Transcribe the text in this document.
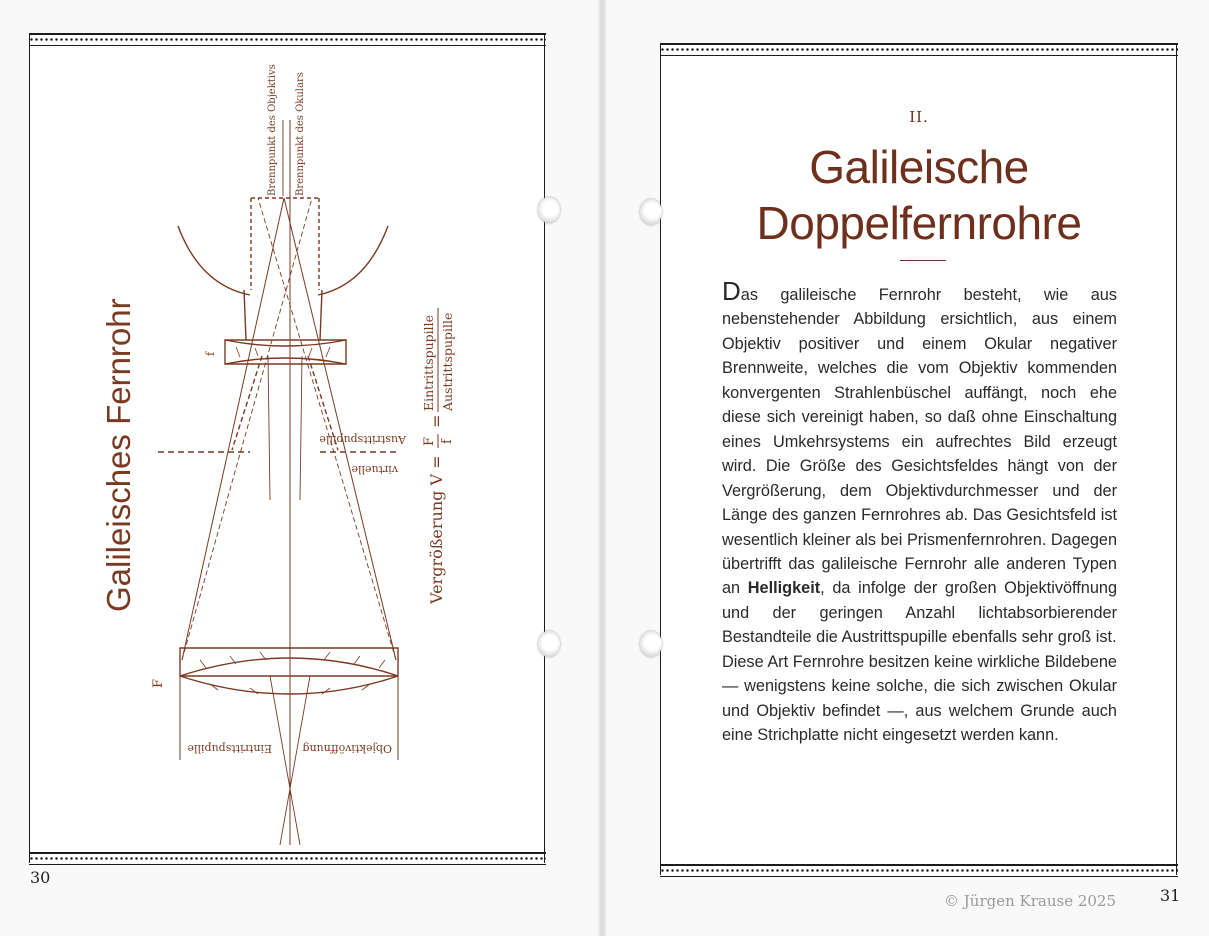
Galileisches Fernrohr
Brennpunkt des Objektivs Brennpunkt des Okulars
f
F
Austrittspupille
virtuelle
Objektivöffnung
Eintrittspupille
Vergrößerung V =
F f
=
Eintrittspupille Austrittspupille
30
31
II.
Galileische
Doppelfernrohre

Das galileische Fernrohr besteht, wie aus nebenstehender Abbildung ersichtlich, aus einem Objektiv positiver und einem Okular negativer Brennweite, welches die vom Objektiv kommenden konvergenten Strahlenbüschel auffängt, noch ehe diese sich vereinigt haben, so daß ohne Einschaltung eines Umkehrsystems ein aufrechtes Bild erzeugt wird. Die Größe des Gesichtsfeldes hängt von der Vergrößerung, dem Objektivdurchmesser und der Länge des ganzen Fernrohres ab. Das Gesichtsfeld ist wesentlich kleiner als bei Prismenfernrohren. Dagegen übertrifft das galileische Fernrohr alle anderen Typen an Helligkeit, da infolge der großen Objektivöffnung und der geringen Anzahl lichtabsorbierender Bestandteile die Austrittspupille ebenfalls sehr groß ist.

Diese Art Fernrohre besitzen keine wirkliche Bildebene — wenigstens keine solche, die sich zwischen Okular und Objektiv befindet —, aus welchem Grunde auch eine Strichplatte nicht eingesetzt werden kann.

© Jürgen Krause 2025
